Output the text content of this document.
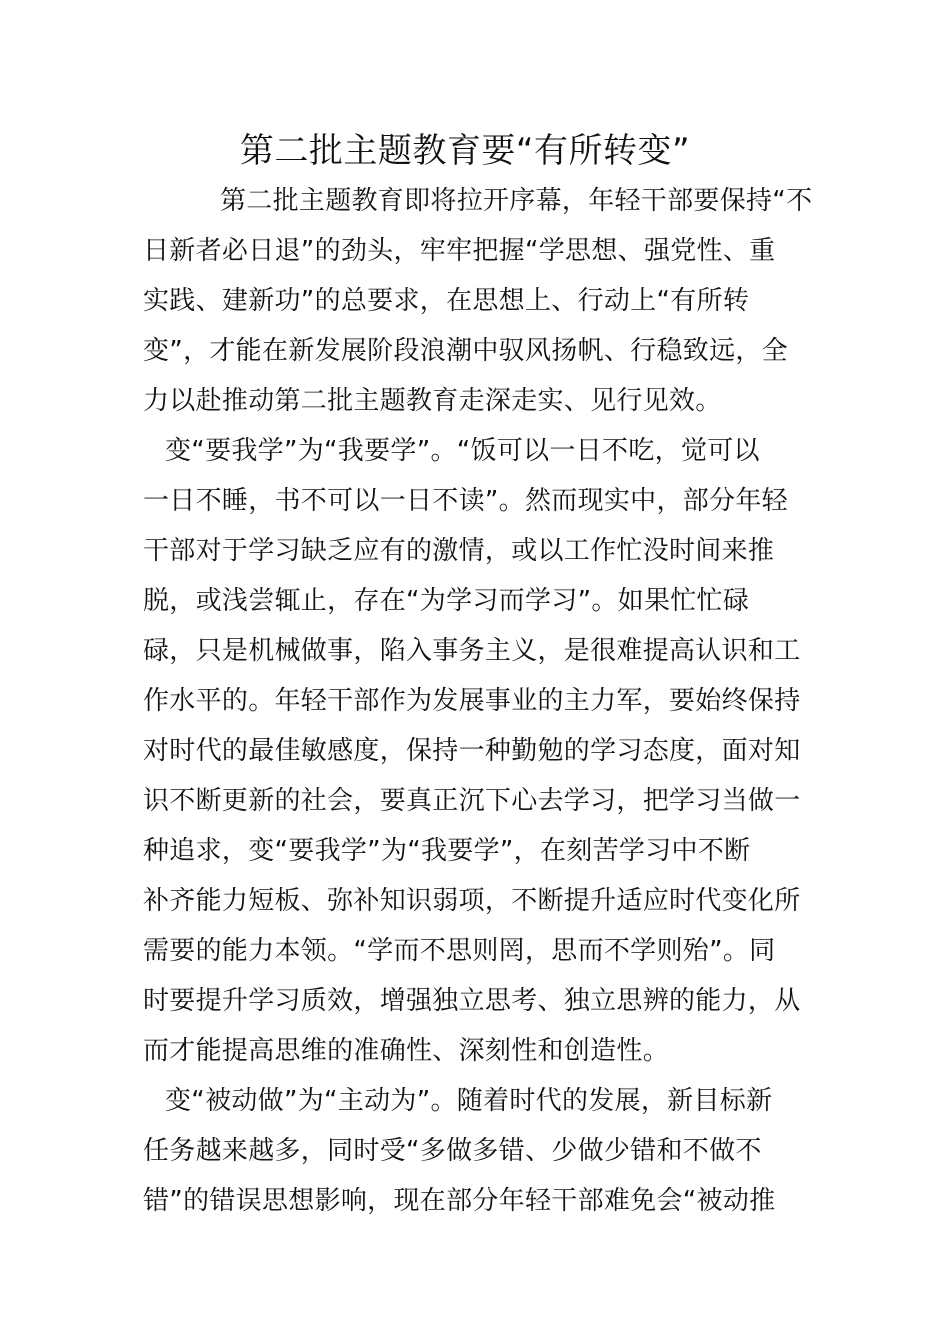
第二批主题教育要“有所转变”
第二批主题教育即将拉开序幕，年轻干部要保持“不
日新者必日退”的劲头，牢牢把握“学思想、强党性、重
实践、建新功”的总要求，在思想上、行动上“有所转
变”，才能在新发展阶段浪潮中驭风扬帆、行稳致远，全
力以赴推动第二批主题教育走深走实、见行见效。
变“要我学”为“我要学”。“饭可以一日不吃，觉可以
一日不睡，书不可以一日不读”。然而现实中，部分年轻
干部对于学习缺乏应有的激情，或以工作忙没时间来推
脱，或浅尝辄止，存在“为学习而学习”。如果忙忙碌
碌，只是机械做事，陷入事务主义，是很难提高认识和工
作水平的。年轻干部作为发展事业的主力军，要始终保持
对时代的最佳敏感度，保持一种勤勉的学习态度，面对知
识不断更新的社会，要真正沉下心去学习，把学习当做一
种追求，变“要我学”为“我要学”，在刻苦学习中不断
补齐能力短板、弥补知识弱项，不断提升适应时代变化所
需要的能力本领。“学而不思则罔，思而不学则殆”。同
时要提升学习质效，增强独立思考、独立思辨的能力，从
而才能提高思维的准确性、深刻性和创造性。
变“被动做”为“主动为”。随着时代的发展，新目标新
任务越来越多，同时受“多做多错、少做少错和不做不
错”的错误思想影响，现在部分年轻干部难免会“被动推
